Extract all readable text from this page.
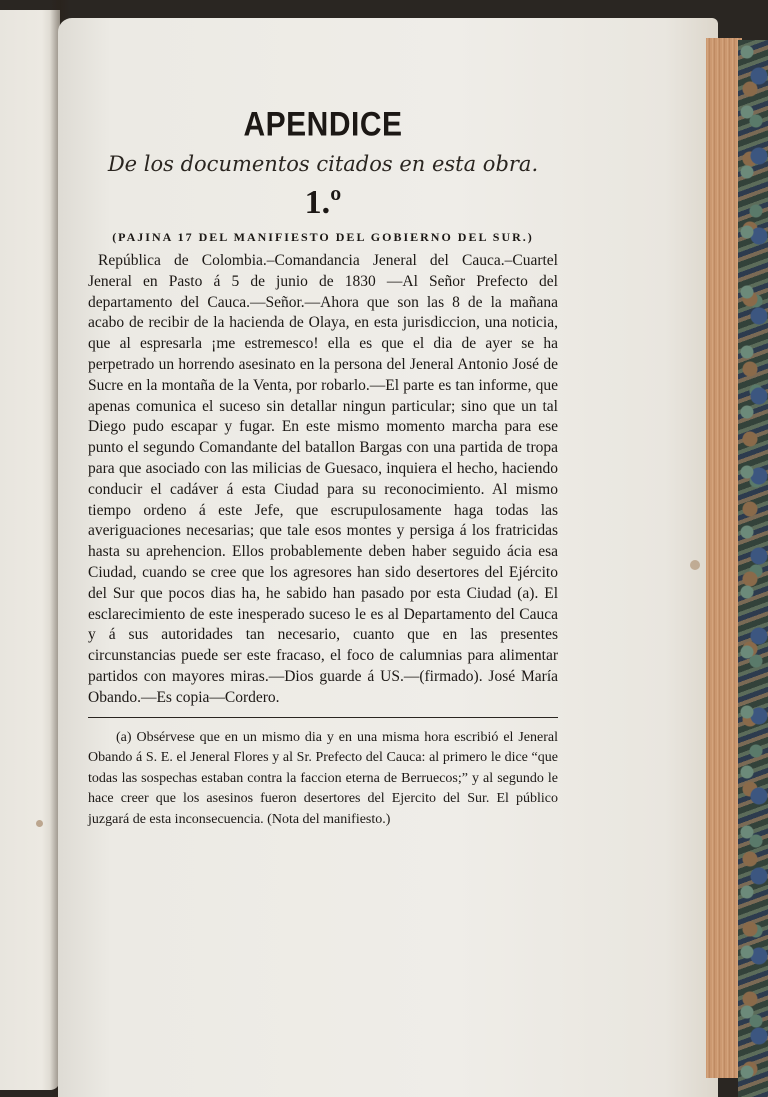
APENDICE

De los documentos citados en esta obra.

1.º

(PAJINA 17 DEL MANIFIESTO DEL GOBIERNO DEL SUR.)

República de Colombia.–Comandancia Jeneral del Cauca.–Cuartel Jeneral en Pasto á 5 de junio de 1830 —Al Señor Prefecto del departamento del Cauca.—Señor.—Ahora que son las 8 de la mañana acabo de recibir de la hacienda de Olaya, en esta jurisdiccion, una noticia, que al espresarla ¡me estremesco! ella es que el dia de ayer se ha perpetrado un horrendo asesinato en la persona del Jeneral Antonio José de Sucre en la montaña de la Venta, por robarlo.—El parte es tan informe, que apenas comunica el suceso sin detallar ningun particular; sino que un tal Diego pudo escapar y fugar. En este mismo momento marcha para ese punto el segundo Comandante del batallon Bargas con una partida de tropa para que asociado con las milicias de Guesaco, inquiera el hecho, haciendo conducir el cadáver á esta Ciudad para su reconocimiento. Al mismo tiempo ordeno á este Jefe, que escrupulosamente haga todas las averiguaciones necesarias; que tale esos montes y persiga á los fratricidas hasta su aprehencion. Ellos probablemente deben haber seguido ácia esa Ciudad, cuando se cree que los agresores han sido desertores del Ejército del Sur que pocos dias ha, he sabido han pasado por esta Ciudad (a). El esclarecimiento de este inesperado suceso le es al Departamento del Cauca y á sus autoridades tan necesario, cuanto que en las presentes circunstancias puede ser este fracaso, el foco de calumnias para alimentar partidos con mayores miras.—Dios guarde á US.—(firmado). José María Obando.—Es copia—Cordero.

(a) Obsérvese que en un mismo dia y en una misma hora escribió el Jeneral Obando á S. E. el Jeneral Flores y al Sr. Prefecto del Cauca: al primero le dice “que todas las sospechas estaban contra la faccion eterna de Berruecos;” y al segundo le hace creer que los asesinos fueron desertores del Ejercito del Sur. El público juzgará de esta inconsecuencia. (Nota del manifiesto.)
